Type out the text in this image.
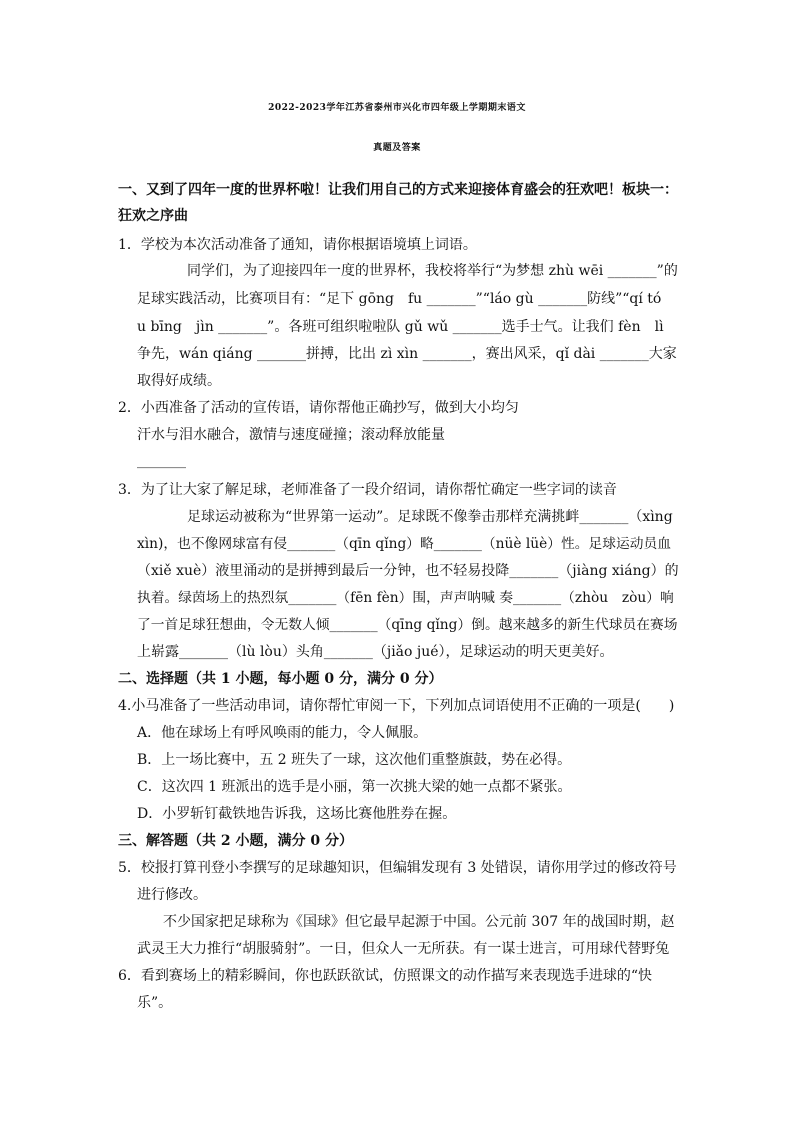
2022-2023学年江苏省泰州市兴化市四年级上学期期末语文
真题及答案
一、又到了四年一度的世界杯啦！让我们用自己的方式来迎接体育盛会的狂欢吧！板块一：
狂欢之序曲
1．学校为本次活动准备了通知，请你根据语境填上词语。
同学们，为了迎接四年一度的世界杯，我校将举行“为梦想 zhù wēi _______”的
足球实践活动，比赛项目有：“足下 gōng　fu _______”“láo gù _______防线”“qí tó
u bīng　jìn _______”。各班可组织啦啦队 gǔ wǔ _______选手士气。让我们 fèn　lì
争先，wán qiáng _______拼搏，比出 zì xìn _______，赛出风采，qǐ dài _______大家
取得好成绩。
2．小西准备了活动的宣传语，请你帮他正确抄写，做到大小均匀
汗水与泪水融合，激情与速度碰撞；滚动释放能量
_______
3．为了让大家了解足球，老师准备了一段介绍词，请你帮忙确定一些字词的读音
足球运动被称为“世界第一运动”。足球既不像拳击那样充满挑衅_______（xìng
xìn)，也不像网球富有侵_______（qīn qǐng）略_______（nüè lüè）性。足球运动员血
（xiě xuè）液里涌动的是拼搏到最后一分钟，也不轻易投降_______（jiàng xiáng）的
执着。绿茵场上的热烈氛_______（fēn fèn）围，声声呐喊 奏_______（zhòu　zòu）响
了一首足球狂想曲，令无数人倾_______（qīng qǐng）倒。越来越多的新生代球员在赛场
上崭露_______（lù lòu）头角_______（jiǎo jué），足球运动的明天更美好。
二、选择题（共 1 小题，每小题 0 分，满分 0 分）
4.小马准备了一些活动串词，请你帮忙审阅一下，下列加点词语使用不正确的一项是(　　)
A．他在球场上有呼风唤雨的能力，令人佩服。
B．上一场比赛中，五 2 班失了一球，这次他们重整旗鼓，势在必得。
C．这次四 1 班派出的选手是小丽，第一次挑大梁的她一点都不紧张。
D．小罗斩钉截铁地告诉我，这场比赛他胜券在握。
三、解答题（共 2 小题，满分 0 分）
5．校报打算刊登小李撰写的足球趣知识，但编辑发现有 3 处错误，请你用学过的修改符号
进行修改。
不少国家把足球称为《国球》但它最早起源于中国。公元前 307 年的战国时期，赵
武灵王大力推行“胡服骑射”。一日，但众人一无所获。有一谋士进言，可用球代替野兔
6．看到赛场上的精彩瞬间，你也跃跃欲试，仿照课文的动作描写来表现选手进球的“快
乐”。
